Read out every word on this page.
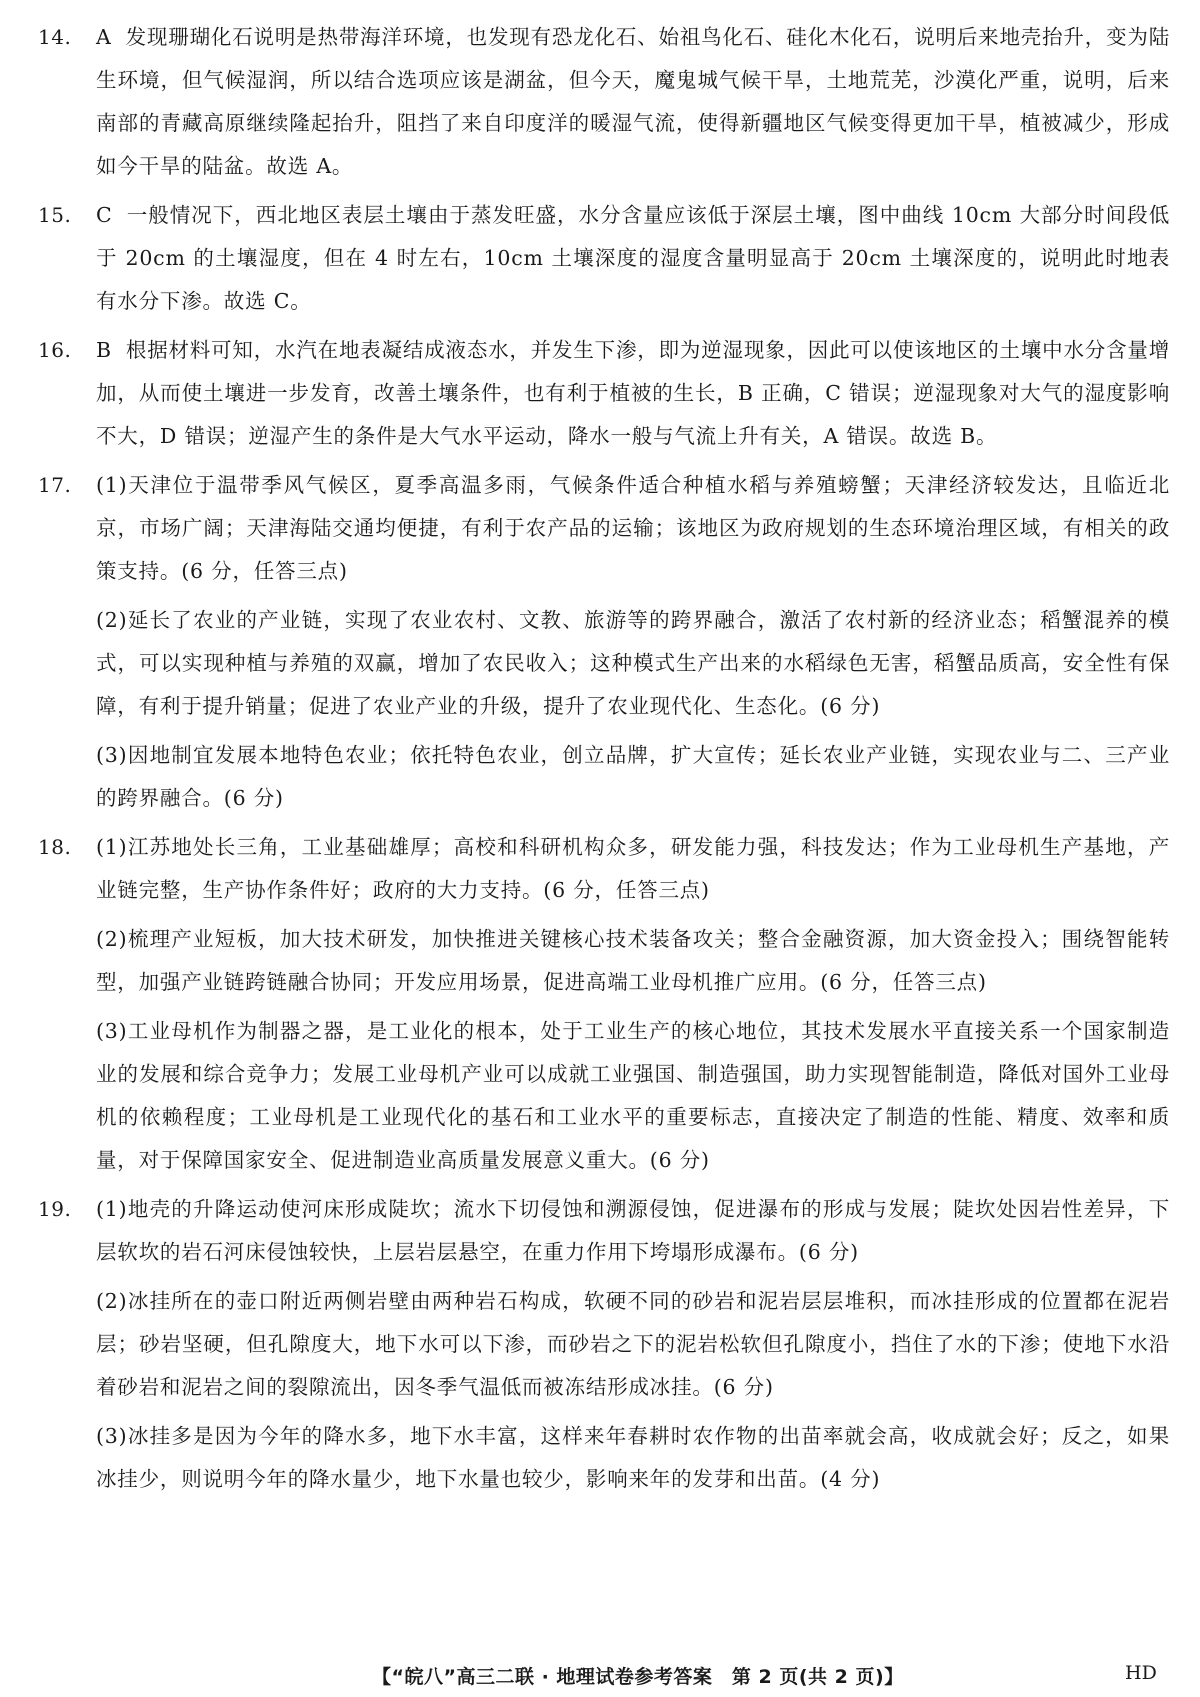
14. A 发现珊瑚化石说明是热带海洋环境，也发现有恐龙化石、始祖鸟化石、硅化木化石，说明后来地壳抬升，变为陆生环境，但气候湿润，所以结合选项应该是湖盆，但今天，魔鬼城气候干旱，土地荒芜，沙漠化严重，说明，后来南部的青藏高原继续隆起抬升，阻挡了来自印度洋的暖湿气流，使得新疆地区气候变得更加干旱，植被减少，形成如今干旱的陆盆。故选 A。

15. C 一般情况下，西北地区表层土壤由于蒸发旺盛，水分含量应该低于深层土壤，图中曲线 10cm 大部分时间段低于 20cm 的土壤湿度，但在 4 时左右，10cm 土壤深度的湿度含量明显高于 20cm 土壤深度的，说明此时地表有水分下渗。故选 C。

16. B 根据材料可知，水汽在地表凝结成液态水，并发生下渗，即为逆湿现象，因此可以使该地区的土壤中水分含量增加，从而使土壤进一步发育，改善土壤条件，也有利于植被的生长，B 正确，C 错误；逆湿现象对大气的湿度影响不大，D 错误；逆湿产生的条件是大气水平运动，降水一般与气流上升有关，A 错误。故选 B。

17. (1)天津位于温带季风气候区，夏季高温多雨，气候条件适合种植水稻与养殖螃蟹；天津经济较发达，且临近北京，市场广阔；天津海陆交通均便捷，有利于农产品的运输；该地区为政府规划的生态环境治理区域，有相关的政策支持。(6 分，任答三点)

(2)延长了农业的产业链，实现了农业农村、文教、旅游等的跨界融合，激活了农村新的经济业态；稻蟹混养的模式，可以实现种植与养殖的双赢，增加了农民收入；这种模式生产出来的水稻绿色无害，稻蟹品质高，安全性有保障，有利于提升销量；促进了农业产业的升级，提升了农业现代化、生态化。(6 分)

(3)因地制宜发展本地特色农业；依托特色农业，创立品牌，扩大宣传；延长农业产业链，实现农业与二、三产业的跨界融合。(6 分)

18. (1)江苏地处长三角，工业基础雄厚；高校和科研机构众多，研发能力强，科技发达；作为工业母机生产基地，产业链完整，生产协作条件好；政府的大力支持。(6 分，任答三点)

(2)梳理产业短板，加大技术研发，加快推进关键核心技术装备攻关；整合金融资源，加大资金投入；围绕智能转型，加强产业链跨链融合协同；开发应用场景，促进高端工业母机推广应用。(6 分，任答三点)

(3)工业母机作为制器之器，是工业化的根本，处于工业生产的核心地位，其技术发展水平直接关系一个国家制造业的发展和综合竞争力；发展工业母机产业可以成就工业强国、制造强国，助力实现智能制造，降低对国外工业母机的依赖程度；工业母机是工业现代化的基石和工业水平的重要标志，直接决定了制造的性能、精度、效率和质量，对于保障国家安全、促进制造业高质量发展意义重大。(6 分)

19. (1)地壳的升降运动使河床形成陡坎；流水下切侵蚀和溯源侵蚀，促进瀑布的形成与发展；陡坎处因岩性差异，下层软坎的岩石河床侵蚀较快，上层岩层悬空，在重力作用下垮塌形成瀑布。(6 分)

(2)冰挂所在的壶口附近两侧岩壁由两种岩石构成，软硬不同的砂岩和泥岩层层堆积，而冰挂形成的位置都在泥岩层；砂岩坚硬，但孔隙度大，地下水可以下渗，而砂岩之下的泥岩松软但孔隙度小，挡住了水的下渗；使地下水沿着砂岩和泥岩之间的裂隙流出，因冬季气温低而被冻结形成冰挂。(6 分)

(3)冰挂多是因为今年的降水多，地下水丰富，这样来年春耕时农作物的出苗率就会高，收成就会好；反之，如果冰挂少，则说明今年的降水量少，地下水量也较少，影响来年的发芽和出苗。(4 分)

【“皖八”高三二联 · 地理试卷参考答案　第 2 页(共 2 页)】	HD
